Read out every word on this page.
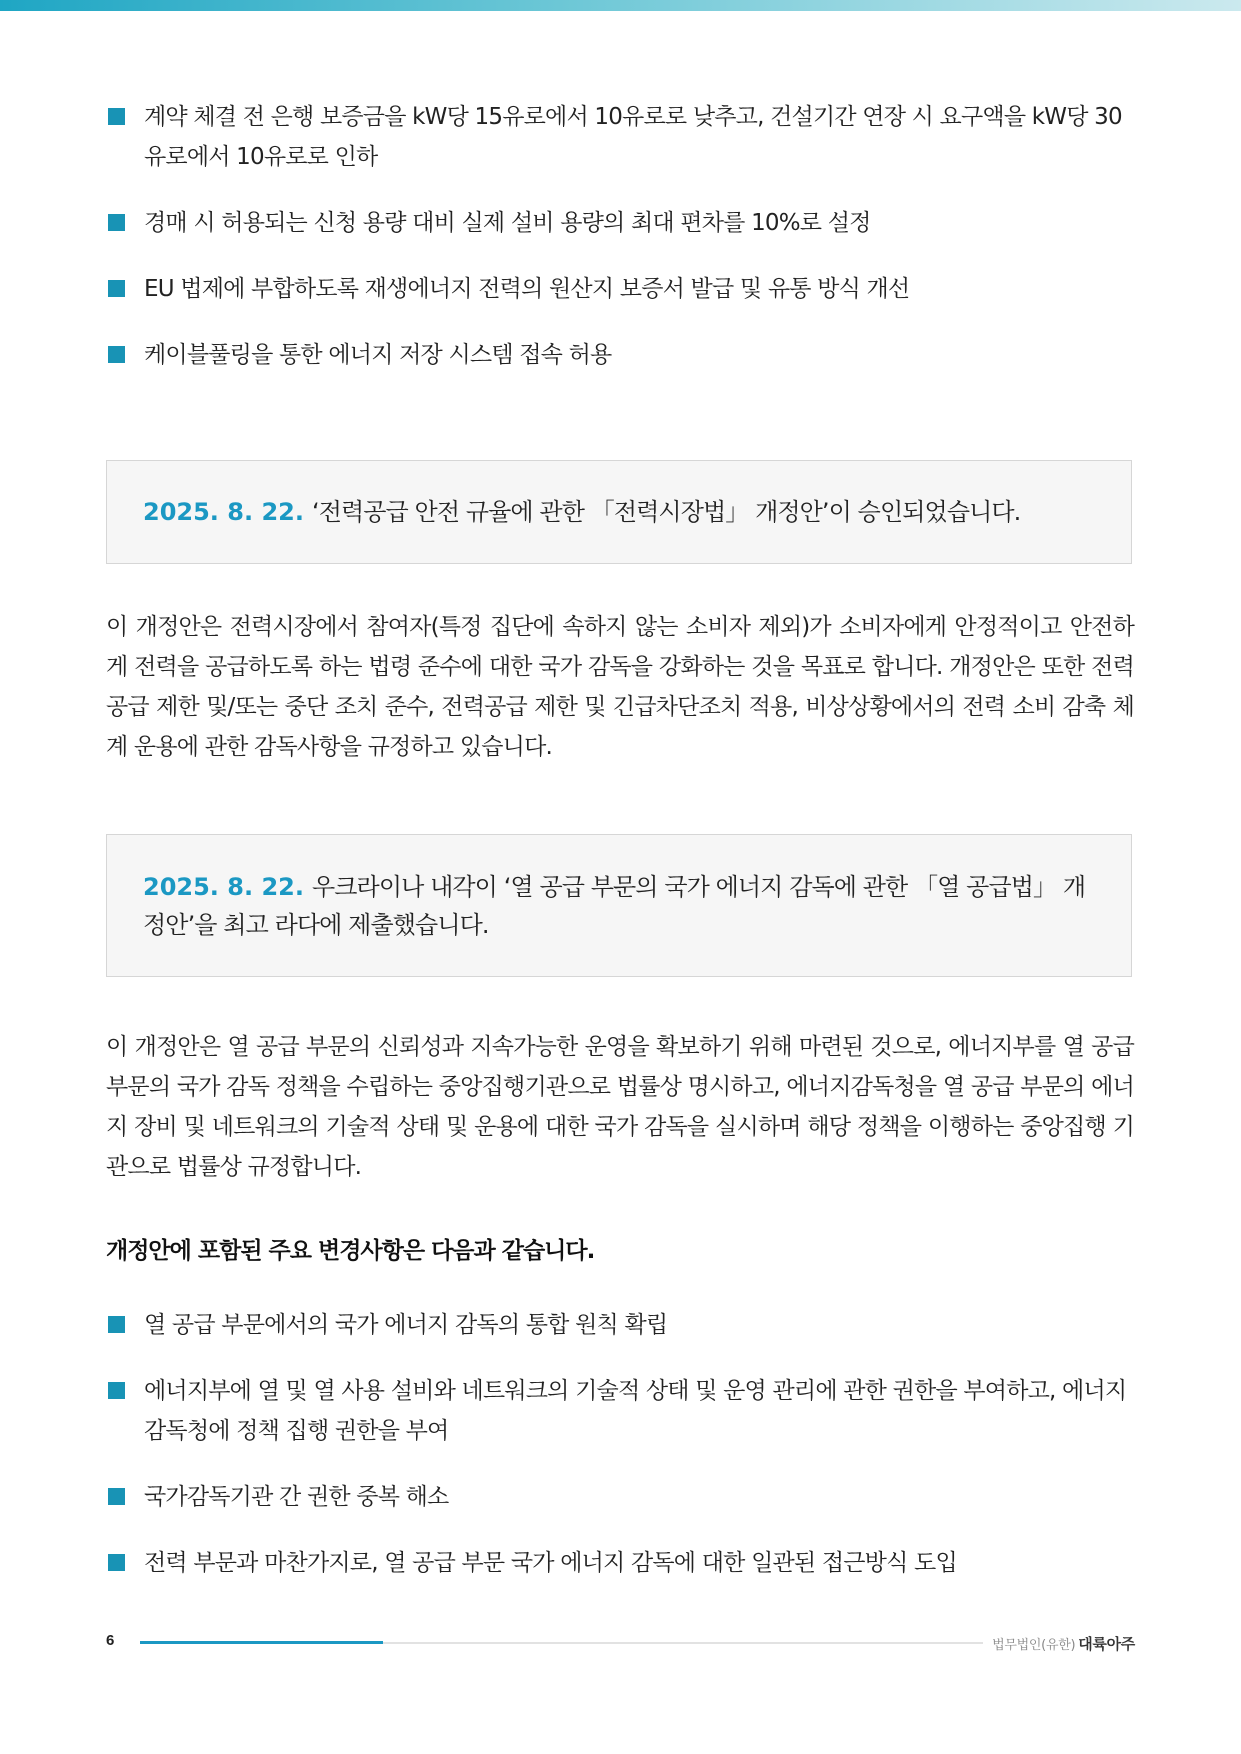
계약 체결 전 은행 보증금을 kW당 15유로에서 10유로로 낮추고, 건설기간 연장 시 요구액을 kW당 30 유로에서 10유로로 인하
경매 시 허용되는 신청 용량 대비 실제 설비 용량의 최대 편차를 10%로 설정
EU 법제에 부합하도록 재생에너지 전력의 원산지 보증서 발급 및 유통 방식 개선
케이블풀링을 통한 에너지 저장 시스템 접속 허용
2025. 8. 22. ‘전력공급 안전 규율에 관한 「전력시장법」 개정안’이 승인되었습니다.

이 개정안은 전력시장에서 참여자(특정 집단에 속하지 않는 소비자 제외)가 소비자에게 안정적이고 안전하게 전력을 공급하도록 하는 법령 준수에 대한 국가 감독을 강화하는 것을 목표로 합니다. 개정안은 또한 전력 공급 제한 및/또는 중단 조치 준수, 전력공급 제한 및 긴급차단조치 적용, 비상상황에서의 전력 소비 감축 체계 운용에 관한 감독사항을 규정하고 있습니다.

2025. 8. 22. 우크라이나 내각이 ‘열 공급 부문의 국가 에너지 감독에 관한 「열 공급법」 개정안’을 최고 라다에 제출했습니다.

이 개정안은 열 공급 부문의 신뢰성과 지속가능한 운영을 확보하기 위해 마련된 것으로, 에너지부를 열 공급 부문의 국가 감독 정책을 수립하는 중앙집행기관으로 법률상 명시하고, 에너지감독청을 열 공급 부문의 에너지 장비 및 네트워크의 기술적 상태 및 운용에 대한 국가 감독을 실시하며 해당 정책을 이행하는 중앙집행 기관으로 법률상 규정합니다.

개정안에 포함된 주요 변경사항은 다음과 같습니다.

열 공급 부문에서의 국가 에너지 감독의 통합 원칙 확립
에너지부에 열 및 열 사용 설비와 네트워크의 기술적 상태 및 운영 관리에 관한 권한을 부여하고, 에너지 감독청에 정책 집행 권한을 부여
국가감독기관 간 권한 중복 해소
전력 부문과 마찬가지로, 열 공급 부문 국가 에너지 감독에 대한 일관된 접근방식 도입
6	법무법인(유한) 대륙아주
